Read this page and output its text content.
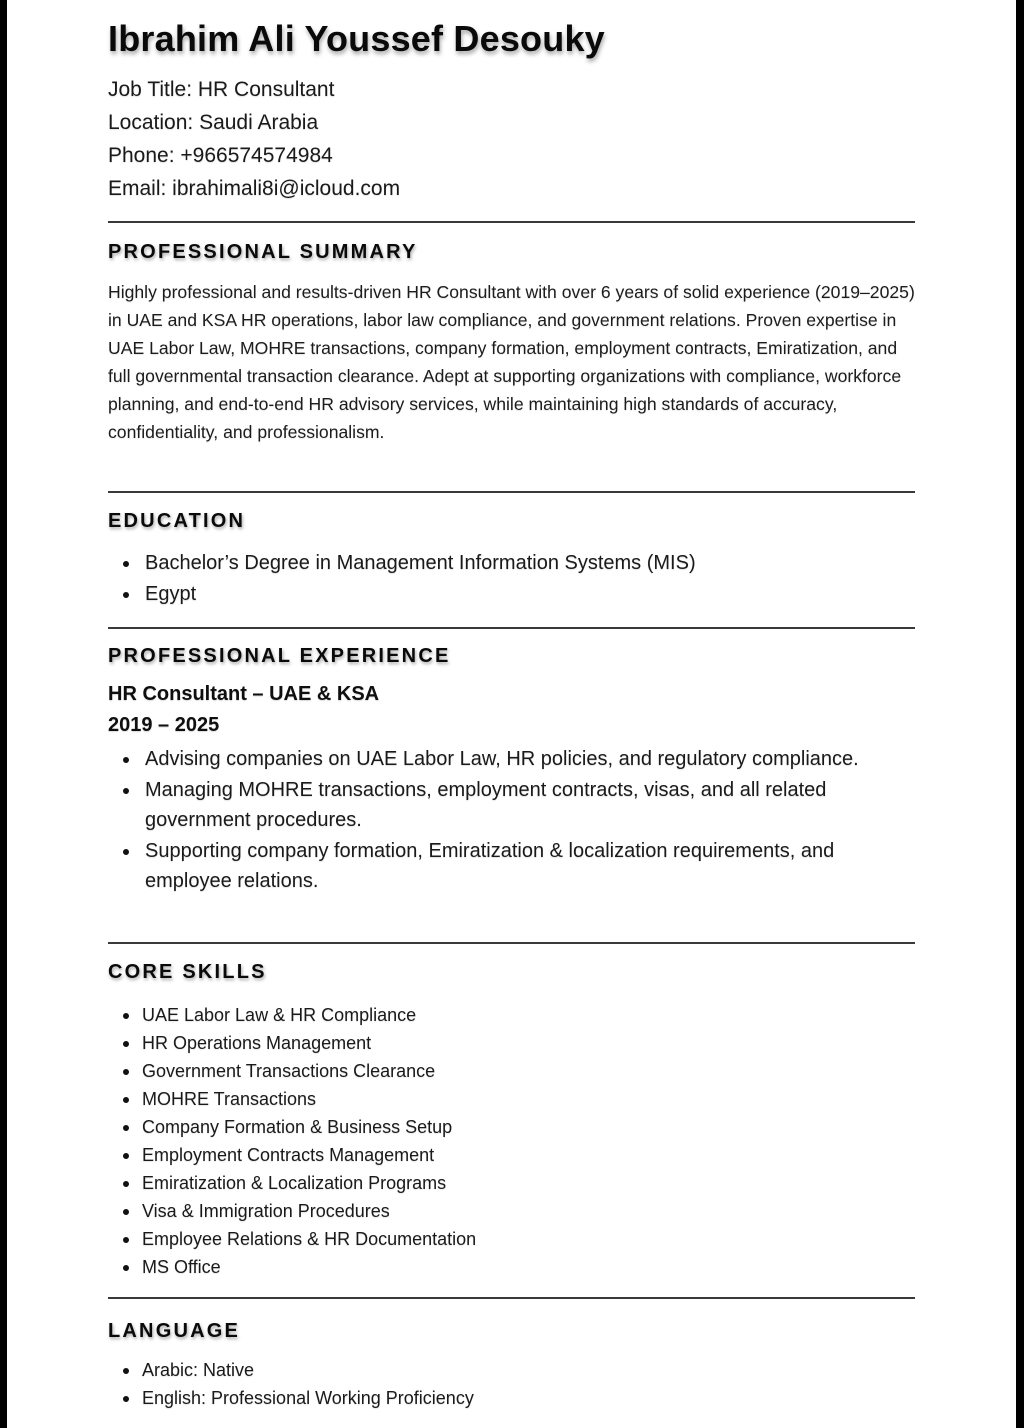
Ibrahim Ali Youssef Desouky
Job Title: HR Consultant
Location: Saudi Arabia
Phone: +966574574984
Email: ibrahimali8i@icloud.com
PROFESSIONAL SUMMARY
Highly professional and results-driven HR Consultant with over 6 years of solid experience (2019–2025) in UAE and KSA HR operations, labor law compliance, and government relations. Proven expertise in UAE Labor Law, MOHRE transactions, company formation, employment contracts, Emiratization, and full governmental transaction clearance. Adept at supporting organizations with compliance, workforce planning, and end-to-end HR advisory services, while maintaining high standards of accuracy, confidentiality, and professionalism.
EDUCATION
Bachelor’s Degree in Management Information Systems (MIS)
Egypt
PROFESSIONAL EXPERIENCE
HR Consultant – UAE & KSA
2019 – 2025
Advising companies on UAE Labor Law, HR policies, and regulatory compliance.
Managing MOHRE transactions, employment contracts, visas, and all related government procedures.
Supporting company formation, Emiratization & localization requirements, and employee relations.
CORE SKILLS
UAE Labor Law & HR Compliance
HR Operations Management
Government Transactions Clearance
MOHRE Transactions
Company Formation & Business Setup
Employment Contracts Management
Emiratization & Localization Programs
Visa & Immigration Procedures
Employee Relations & HR Documentation
MS Office
LANGUAGE
Arabic: Native
English: Professional Working Proficiency
